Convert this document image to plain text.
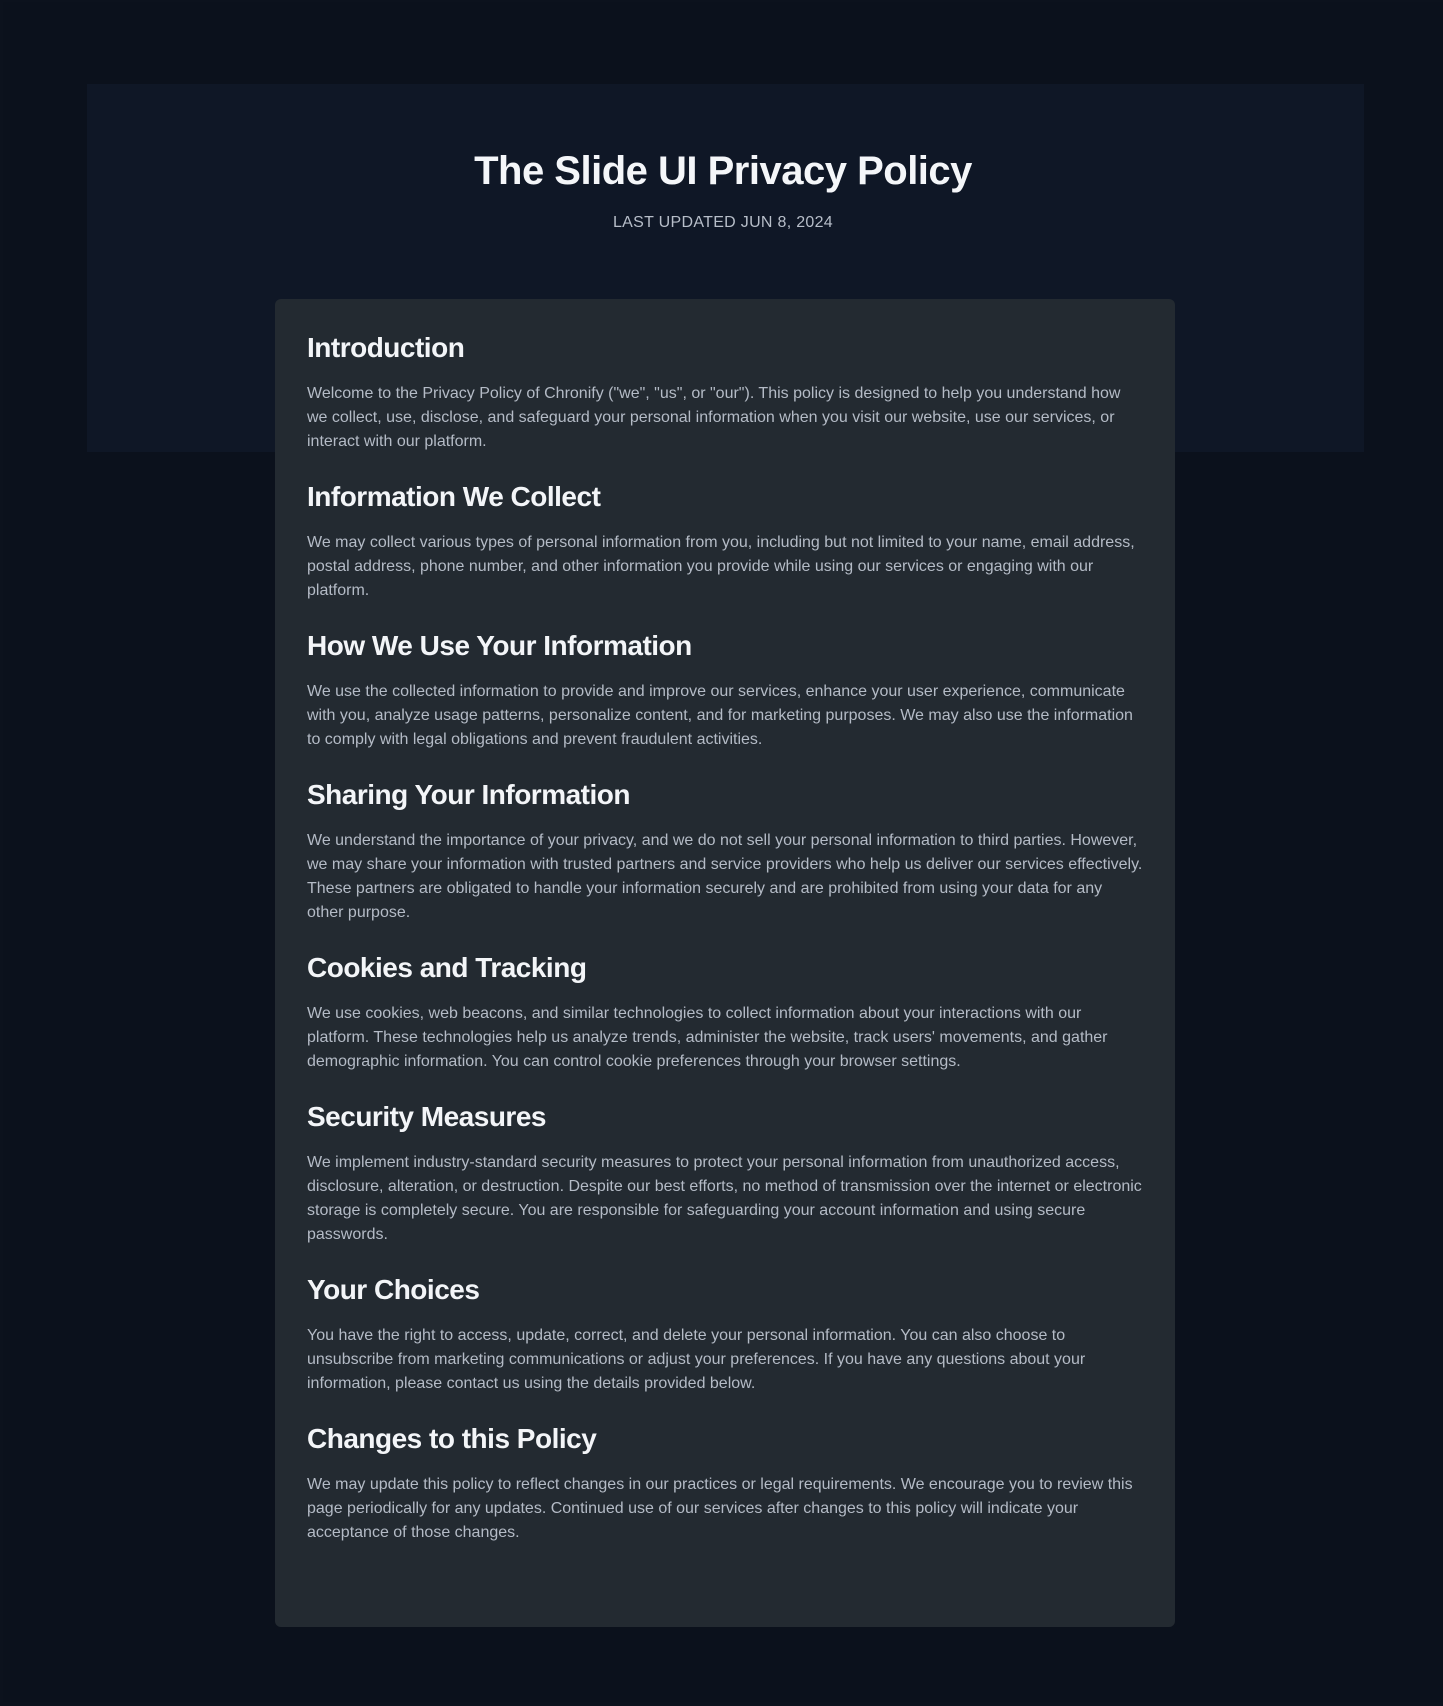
The Slide UI Privacy Policy

LAST UPDATED JUN 8, 2024

Introduction

Welcome to the Privacy Policy of Chronify ("we", "us", or "our"). This policy is designed to help you understand how we collect, use, disclose, and safeguard your personal information when you visit our website, use our services, or interact with our platform.

Information We Collect

We may collect various types of personal information from you, including but not limited to your name, email address, postal address, phone number, and other information you provide while using our services or engaging with our platform.

How We Use Your Information

We use the collected information to provide and improve our services, enhance your user experience, communicate with you, analyze usage patterns, personalize content, and for marketing purposes. We may also use the information to comply with legal obligations and prevent fraudulent activities.

Sharing Your Information

We understand the importance of your privacy, and we do not sell your personal information to third parties. However, we may share your information with trusted partners and service providers who help us deliver our services effectively. These partners are obligated to handle your information securely and are prohibited from using your data for any other purpose.

Cookies and Tracking

We use cookies, web beacons, and similar technologies to collect information about your interactions with our platform. These technologies help us analyze trends, administer the website, track users' movements, and gather demographic information. You can control cookie preferences through your browser settings.

Security Measures

We implement industry-standard security measures to protect your personal information from unauthorized access, disclosure, alteration, or destruction. Despite our best efforts, no method of transmission over the internet or electronic storage is completely secure. You are responsible for safeguarding your account information and using secure passwords.

Your Choices

You have the right to access, update, correct, and delete your personal information. You can also choose to unsubscribe from marketing communications or adjust your preferences. If you have any questions about your information, please contact us using the details provided below.

Changes to this Policy

We may update this policy to reflect changes in our practices or legal requirements. We encourage you to review this page periodically for any updates. Continued use of our services after changes to this policy will indicate your acceptance of those changes.
